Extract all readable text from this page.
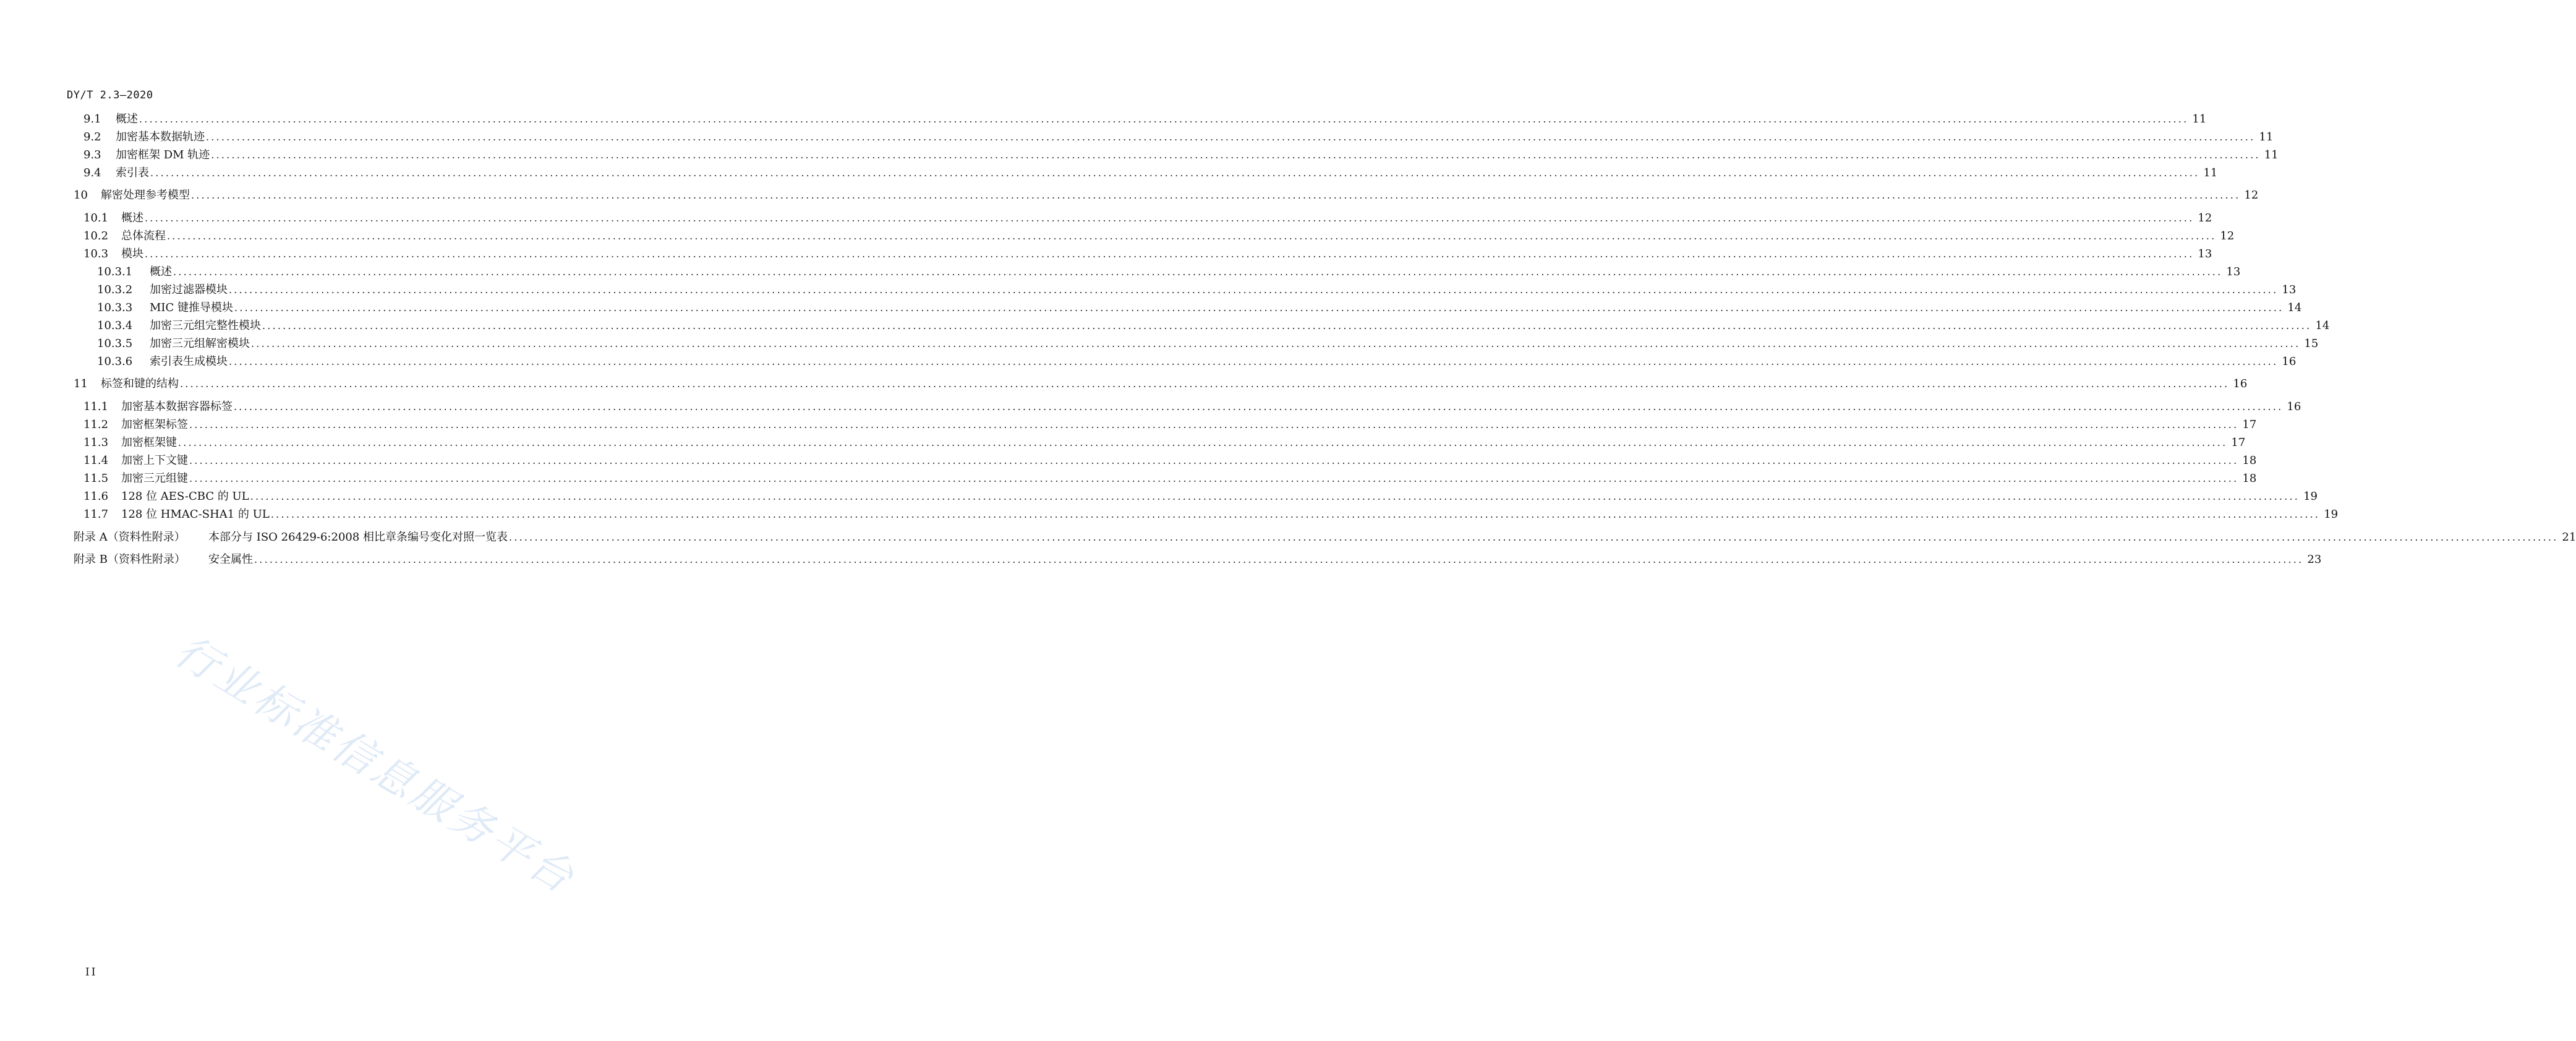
DY/T 2.3—2020
9.1	概述 ................................................................................................................................................................................................................................................................................................................................................................................................................ 11
9.2	加密基本数据轨迹 ................................................................................................................................................................................................................................................................................................................................................................................................................ 11
9.3	加密框架 DM 轨迹 ................................................................................................................................................................................................................................................................................................................................................................................................................ 11
9.4	索引表 ................................................................................................................................................................................................................................................................................................................................................................................................................ 11
10	解密处理参考模型 ................................................................................................................................................................................................................................................................................................................................................................................................................ 12
10.1	概述 ................................................................................................................................................................................................................................................................................................................................................................................................................ 12
10.2	总体流程 ................................................................................................................................................................................................................................................................................................................................................................................................................ 12
10.3	模块 ................................................................................................................................................................................................................................................................................................................................................................................................................ 13
10.3.1	概述 ................................................................................................................................................................................................................................................................................................................................................................................................................ 13
10.3.2	加密过滤器模块 ................................................................................................................................................................................................................................................................................................................................................................................................................ 13
10.3.3	MIC 键推导模块 ................................................................................................................................................................................................................................................................................................................................................................................................................ 14
10.3.4	加密三元组完整性模块 ................................................................................................................................................................................................................................................................................................................................................................................................................ 14
10.3.5	加密三元组解密模块 ................................................................................................................................................................................................................................................................................................................................................................................................................ 15
10.3.6	索引表生成模块 ................................................................................................................................................................................................................................................................................................................................................................................................................ 16
11	标签和键的结构 ................................................................................................................................................................................................................................................................................................................................................................................................................ 16
11.1	加密基本数据容器标签 ................................................................................................................................................................................................................................................................................................................................................................................................................ 16
11.2	加密框架标签 ................................................................................................................................................................................................................................................................................................................................................................................................................ 17
11.3	加密框架键 ................................................................................................................................................................................................................................................................................................................................................................................................................ 17
11.4	加密上下文键 ................................................................................................................................................................................................................................................................................................................................................................................................................ 18
11.5	加密三元组键 ................................................................................................................................................................................................................................................................................................................................................................................................................ 18
11.6	128 位 AES-CBC 的 UL ................................................................................................................................................................................................................................................................................................................................................................................................................ 19
11.7	128 位 HMAC-SHA1 的 UL ................................................................................................................................................................................................................................................................................................................................................................................................................ 19
附录 A（资料性附录）	本部分与 ISO 26429-6:2008 相比章条编号变化对照一览表 ................................................................................................................................................................................................................................................................................................................................................................................................................ 21
附录 B（资料性附录）	安全属性 ................................................................................................................................................................................................................................................................................................................................................................................................................ 23
行业标准信息服务平台
II
